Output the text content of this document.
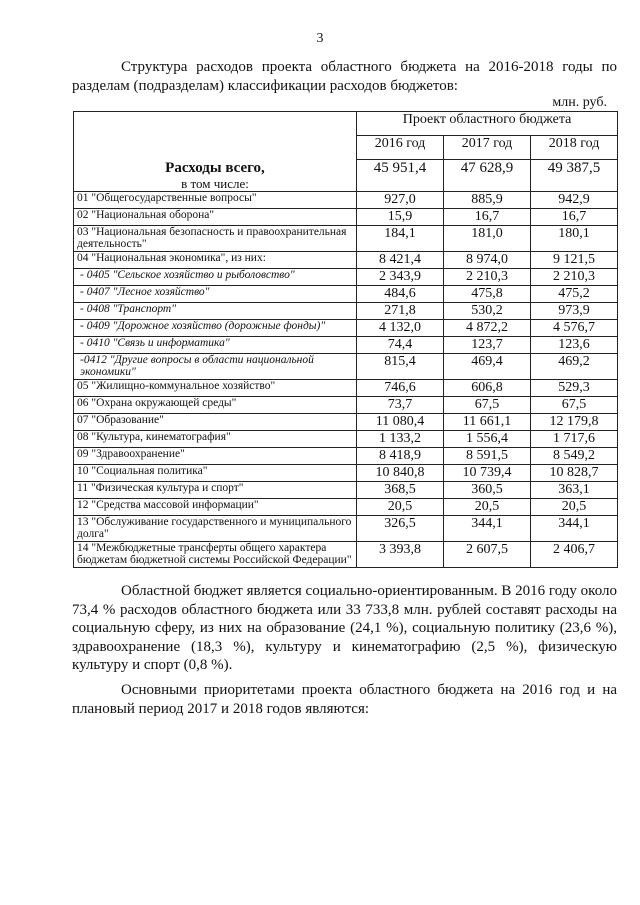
3
Структура расходов проекта областного бюджета на 2016-2018 годы по разделам (подразделам) классификации расходов бюджетов:
млн. руб.
	Проект областного бюджета		
	2016 год	2017 год	2018 год

Расходы всего,
в том числе:	45 951,4	47 628,9	49 387,5
01 "Общегосударственные вопросы"	927,0	885,9	942,9
02 "Национальная оборона"	15,9	16,7	16,7
03 "Национальная безопасность и правоохранительная деятельность"	184,1	181,0	180,1
04 "Национальная экономика", из них:	8 421,4	8 974,0	9 121,5
- 0405 "Сельское хозяйство и рыболовство"	2 343,9	2 210,3	2 210,3
- 0407 "Лесное хозяйство"	484,6	475,8	475,2
- 0408 "Транспорт"	271,8	530,2	973,9
- 0409 "Дорожное хозяйство (дорожные фонды)"	4 132,0	4 872,2	4 576,7
- 0410 "Связь и информатика"	74,4	123,7	123,6
-0412 "Другие вопросы в области национальной экономики"	815,4	469,4	469,2
05 "Жилищно-коммунальное хозяйство"	746,6	606,8	529,3
06 "Охрана окружающей среды"	73,7	67,5	67,5
07 "Образование"	11 080,4	11 661,1	12 179,8
08 "Культура, кинематография"	1 133,2	1 556,4	1 717,6
09 "Здравоохранение"	8 418,9	8 591,5	8 549,2
10 "Социальная политика"	10 840,8	10 739,4	10 828,7
11 "Физическая культура и спорт"	368,5	360,5	363,1
12 "Средства массовой информации"	20,5	20,5	20,5
13 "Обслуживание государственного и муниципального долга"	326,5	344,1	344,1
14 "Межбюджетные трансферты общего характера бюджетам бюджетной системы Российской Федерации"	3 393,8	2 607,5	2 406,7

Областной бюджет является социально-ориентированным. В 2016 году около 73,4 % расходов областного бюджета или 33 733,8 млн. рублей составят расходы на социальную сферу, из них на образование (24,1 %), социальную политику (23,6 %), здравоохранение (18,3 %), культуру и кинематографию (2,5 %), физическую культуру и спорт (0,8 %).

Основными приоритетами проекта областного бюджета на 2016 год и на плановый период 2017 и 2018 годов являются:
